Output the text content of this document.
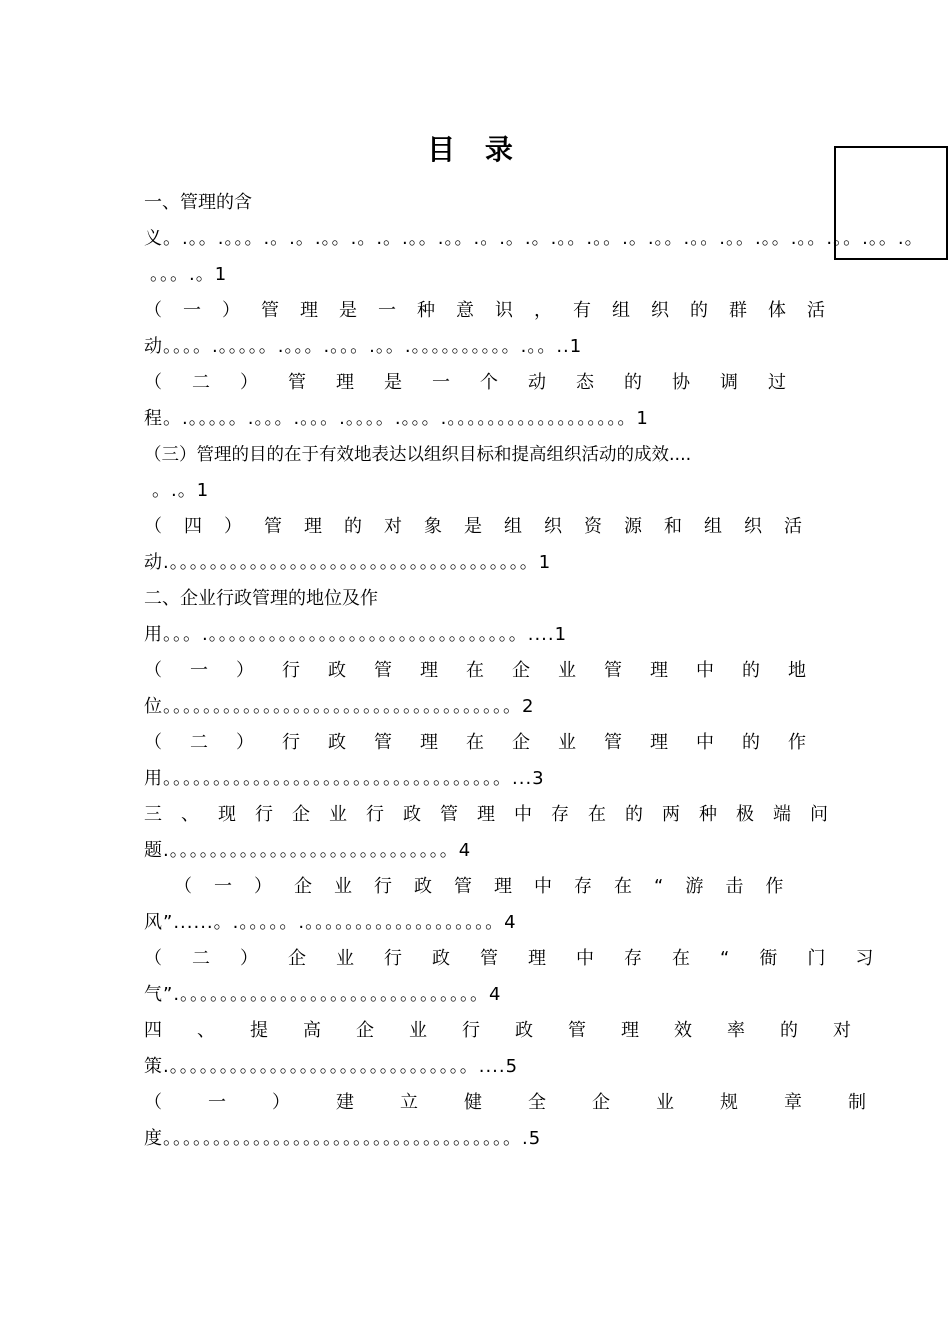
目 录
一、管理的含
义。.。。.。。。.。.。.。。.。.。.。。.。。.。.。.。.。。.。。.。.。。.。。.。。.。。.。。.。。.。。.。
。。。.。1
（一）管理是一种意识，有组织的群体活
动。。。。.。。。。。.。。。.。。。.。。.。。。。。。。。。。.。。..1
（二）管理是一个动态的协调过
程。.。。。。。.。。。.。。。.。。。。.。。。.。。。。。。。。。。。。。。。。。。1
（三）管理的目的在于有效地表达以组织目标和提高组织活动的成效....
。.。1
（四）管理的对象是组织资源和组织活
动.。。。。。。。。。。。。。。。。。。。。。。。。。。。。。。。。。。。。1
二、企业行政管理的地位及作
用。。。.。。。。。。。。。。。。。。。。。。。。。。。。。。。。。。。....1
（一）行政管理在企业管理中的地
位。。。。。。。。。。。。。。。。。。。。。。。。。。。。。。。。。。。2
（二）行政管理在企业管理中的作
用。。。。。。。。。。。。。。。。。。。。。。。。。。。。。。。。。。...3
三、现行企业行政管理中存在的两种极端问
题.。。。。。。。。。。。。。。。。。。。。。。。。。。。。4
（一）企业行政管理中存在“游击作
风”......。.。。。。。.。。。。。。。。。。。。。。。。。。。4
（二）企业行政管理中存在“衙门习
气”.。。。。。。。。。。。。。。。。。。。。。。。。。。。。。。4
四、提高企业行政管理效率的对
策.。。。。。。。。。。。。。。。。。。。。。。。。。。。。。。....5
（一）建立健全企业规章制
度。。。。。。。。。。。。。。。。。。。。。。。。。。。。。。。。。。。.5
